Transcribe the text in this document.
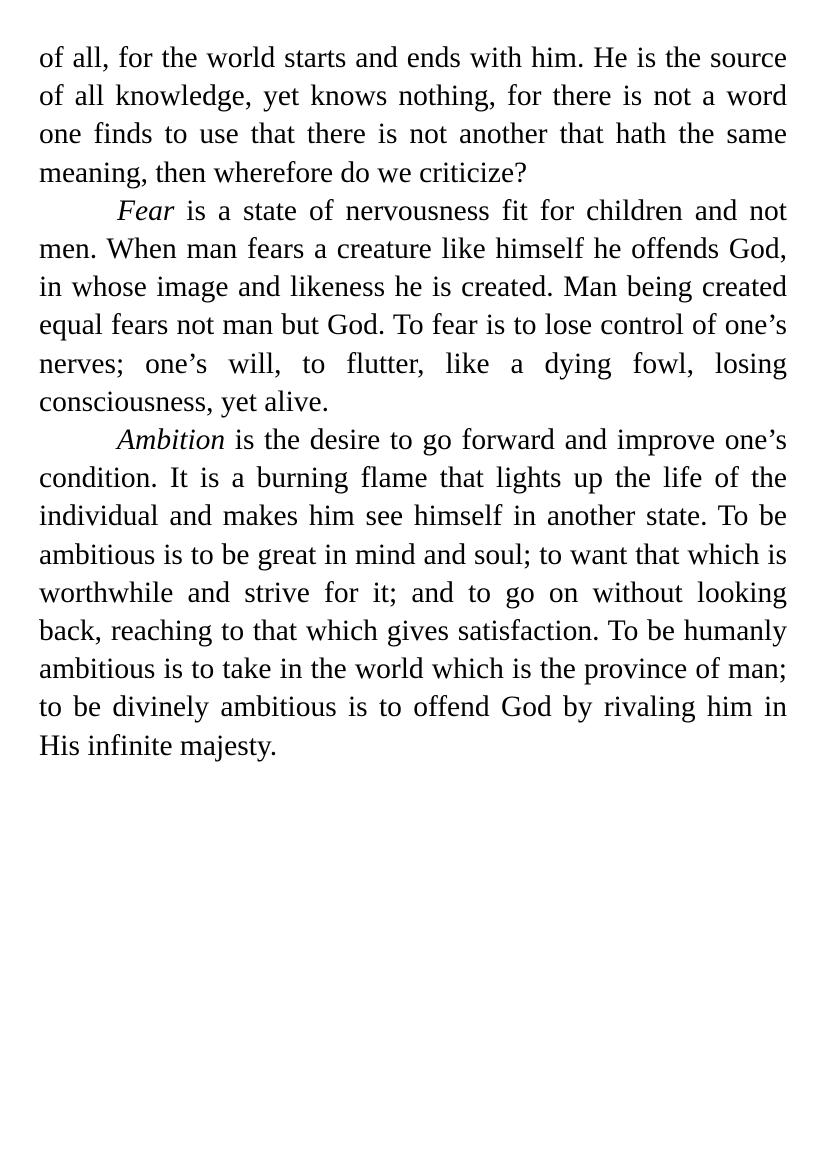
of all, for the world starts and ends with him. He is the source of all knowledge, yet knows nothing, for there is not a word one finds to use that there is not another that hath the same meaning, then wherefore do we criticize?

Fear is a state of nervousness fit for children and not men. When man fears a creature like himself he offends God, in whose image and likeness he is created. Man being created equal fears not man but God. To fear is to lose control of one’s nerves; one’s will, to flutter, like a dying fowl, losing consciousness, yet alive.

Ambition is the desire to go forward and improve one’s condition. It is a burning flame that lights up the life of the individual and makes him see himself in another state. To be ambitious is to be great in mind and soul; to want that which is worthwhile and strive for it; and to go on without looking back, reaching to that which gives satisfaction. To be humanly ambitious is to take in the world which is the province of man; to be divinely ambitious is to offend God by rivaling him in His infinite majesty.
